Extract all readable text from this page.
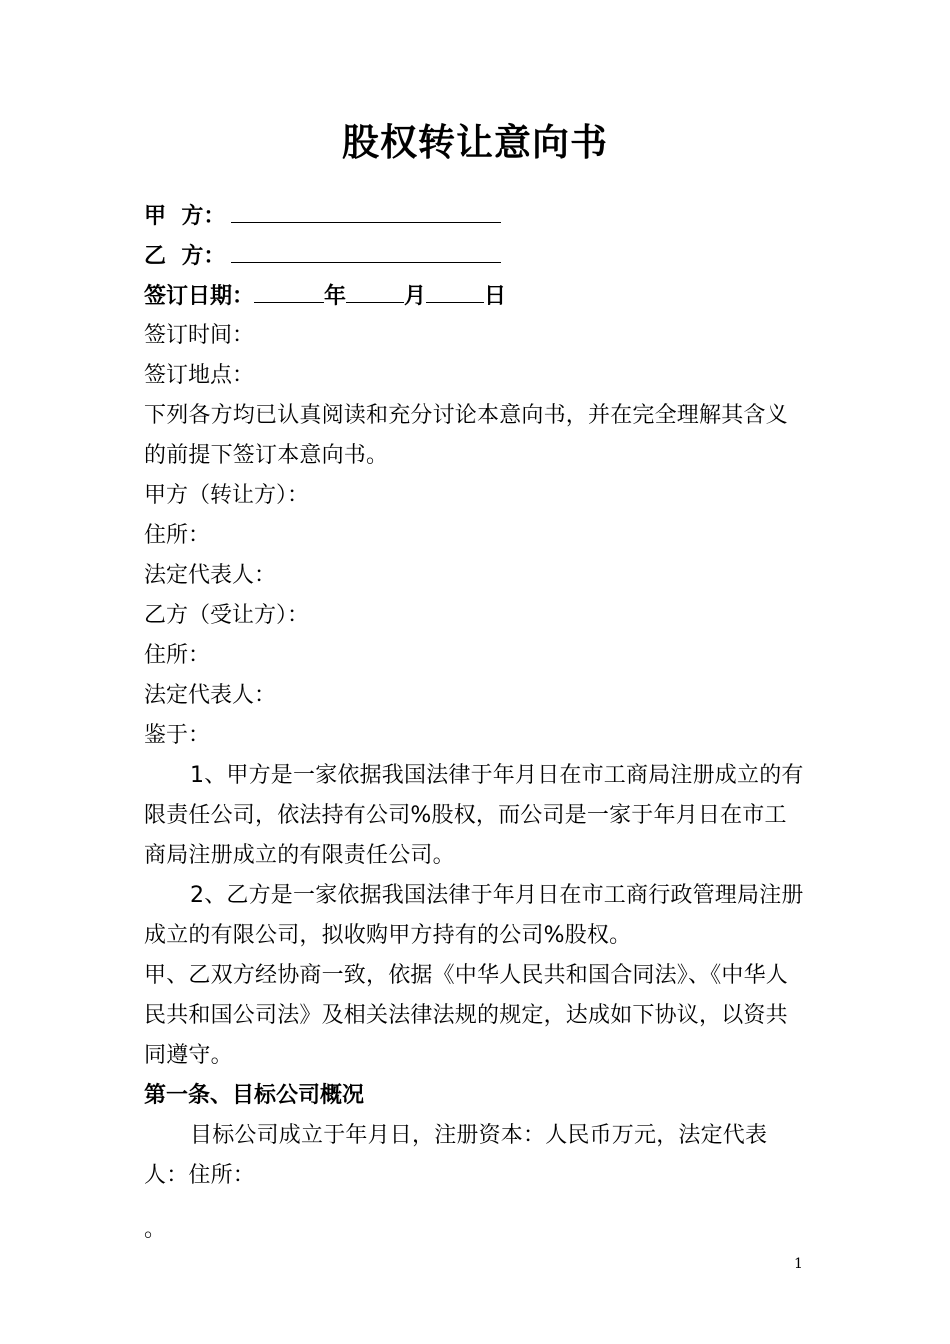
股权转让意向书
甲  方：
乙  方：
签订日期：	年	月	日
签订时间：
签订地点：
下列各方均已认真阅读和充分讨论本意向书，并在完全理解其含义的前提下签订本意向书。
甲方（转让方）：
住所：
法定代表人：
乙方（受让方）：
住所：
法定代表人：
鉴于：
1、甲方是一家依据我国法律于年月日在市工商局注册成立的有限责任公司，依法持有公司%股权，而公司是一家于年月日在市工商局注册成立的有限责任公司。
2、乙方是一家依据我国法律于年月日在市工商行政管理局注册成立的有限公司，拟收购甲方持有的公司%股权。
甲、乙双方经协商一致，依据《中华人民共和国合同法》、《中华人民共和国公司法》及相关法律法规的规定，达成如下协议，以资共同遵守。
第一条、目标公司概况
目标公司成立于年月日，注册资本：人民币万元，法定代表人：住所：
。
1
